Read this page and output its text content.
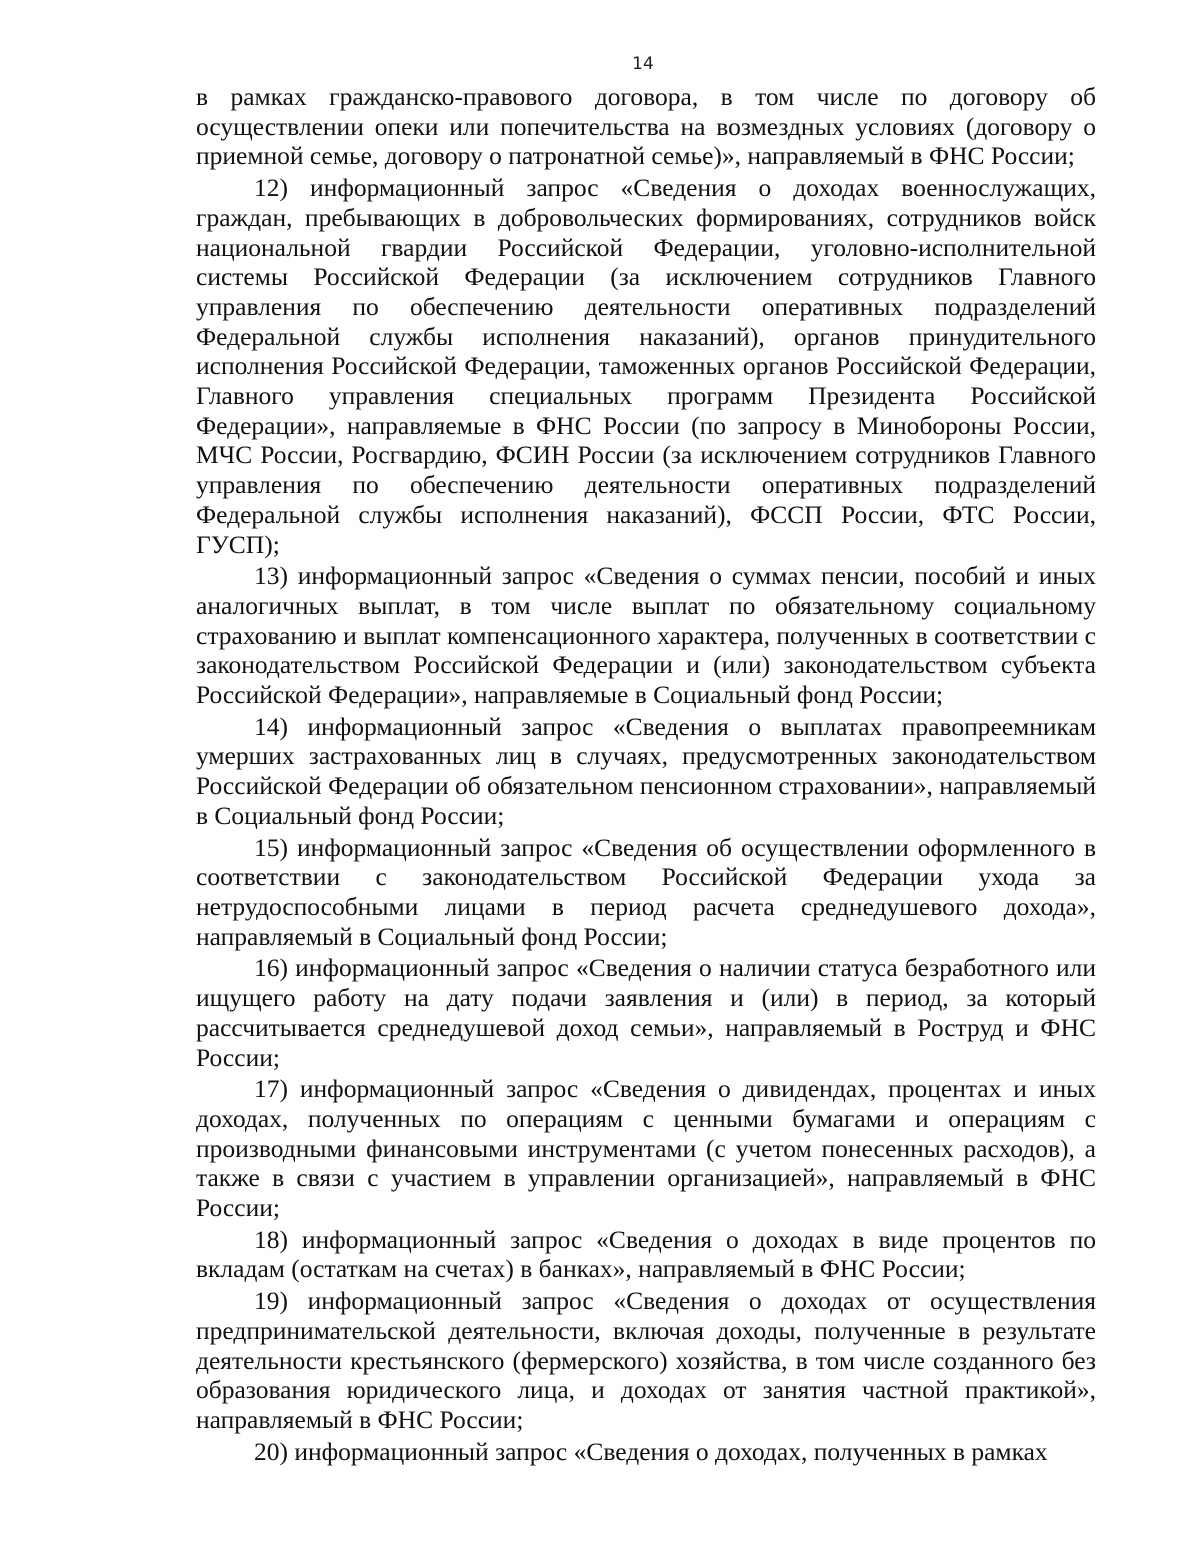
14

в рамках гражданско-правового договора, в том числе по договору об осуществлении опеки или попечительства на возмездных условиях (договору о приемной семье, договору о патронатной семье)», направляемый в ФНС России;

12) информационный запрос «Сведения о доходах военнослужащих, граждан, пребывающих в добровольческих формированиях, сотрудников войск национальной гвардии Российской Федерации, уголовно-исполнительной системы Российской Федерации (за исключением сотрудников Главного управления по обеспечению деятельности оперативных подразделений Федеральной службы исполнения наказаний), органов принудительного исполнения Российской Федерации, таможенных органов Российской Федерации, Главного управления специальных программ Президента Российской Федерации», направляемые в ФНС России (по запросу в Минобороны России, МЧС России, Росгвардию, ФСИН России (за исключением сотрудников Главного управления по обеспечению деятельности оперативных подразделений Федеральной службы исполнения наказаний), ФССП России, ФТС России, ГУСП);

13) информационный запрос «Сведения о суммах пенсии, пособий и иных аналогичных выплат, в том числе выплат по обязательному социальному страхованию и выплат компенсационного характера, полученных в соответствии с законодательством Российской Федерации и (или) законодательством субъекта Российской Федерации», направляемые в Социальный фонд России;

14) информационный запрос «Сведения о выплатах правопреемникам умерших застрахованных лиц в случаях, предусмотренных законодательством Российской Федерации об обязательном пенсионном страховании», направляемый в Социальный фонд России;

15) информационный запрос «Сведения об осуществлении оформленного в соответствии с законодательством Российской Федерации ухода за нетрудоспособными лицами в период расчета среднедушевого дохода», направляемый в Социальный фонд России;

16) информационный запрос «Сведения о наличии статуса безработного или ищущего работу на дату подачи заявления и (или) в период, за который рассчитывается среднедушевой доход семьи», направляемый в Роструд и ФНС России;

17) информационный запрос «Сведения о дивидендах, процентах и иных доходах, полученных по операциям с ценными бумагами и операциям с производными финансовыми инструментами (с учетом понесенных расходов), а также в связи с участием в управлении организацией», направляемый в ФНС России;

18) информационный запрос «Сведения о доходах в виде процентов по вкладам (остаткам на счетах) в банках», направляемый в ФНС России;

19) информационный запрос «Сведения о доходах от осуществления предпринимательской деятельности, включая доходы, полученные в результате деятельности крестьянского (фермерского) хозяйства, в том числе созданного без образования юридического лица, и доходах от занятия частной практикой», направляемый в ФНС России;

20) информационный запрос «Сведения о доходах, полученных в рамках
